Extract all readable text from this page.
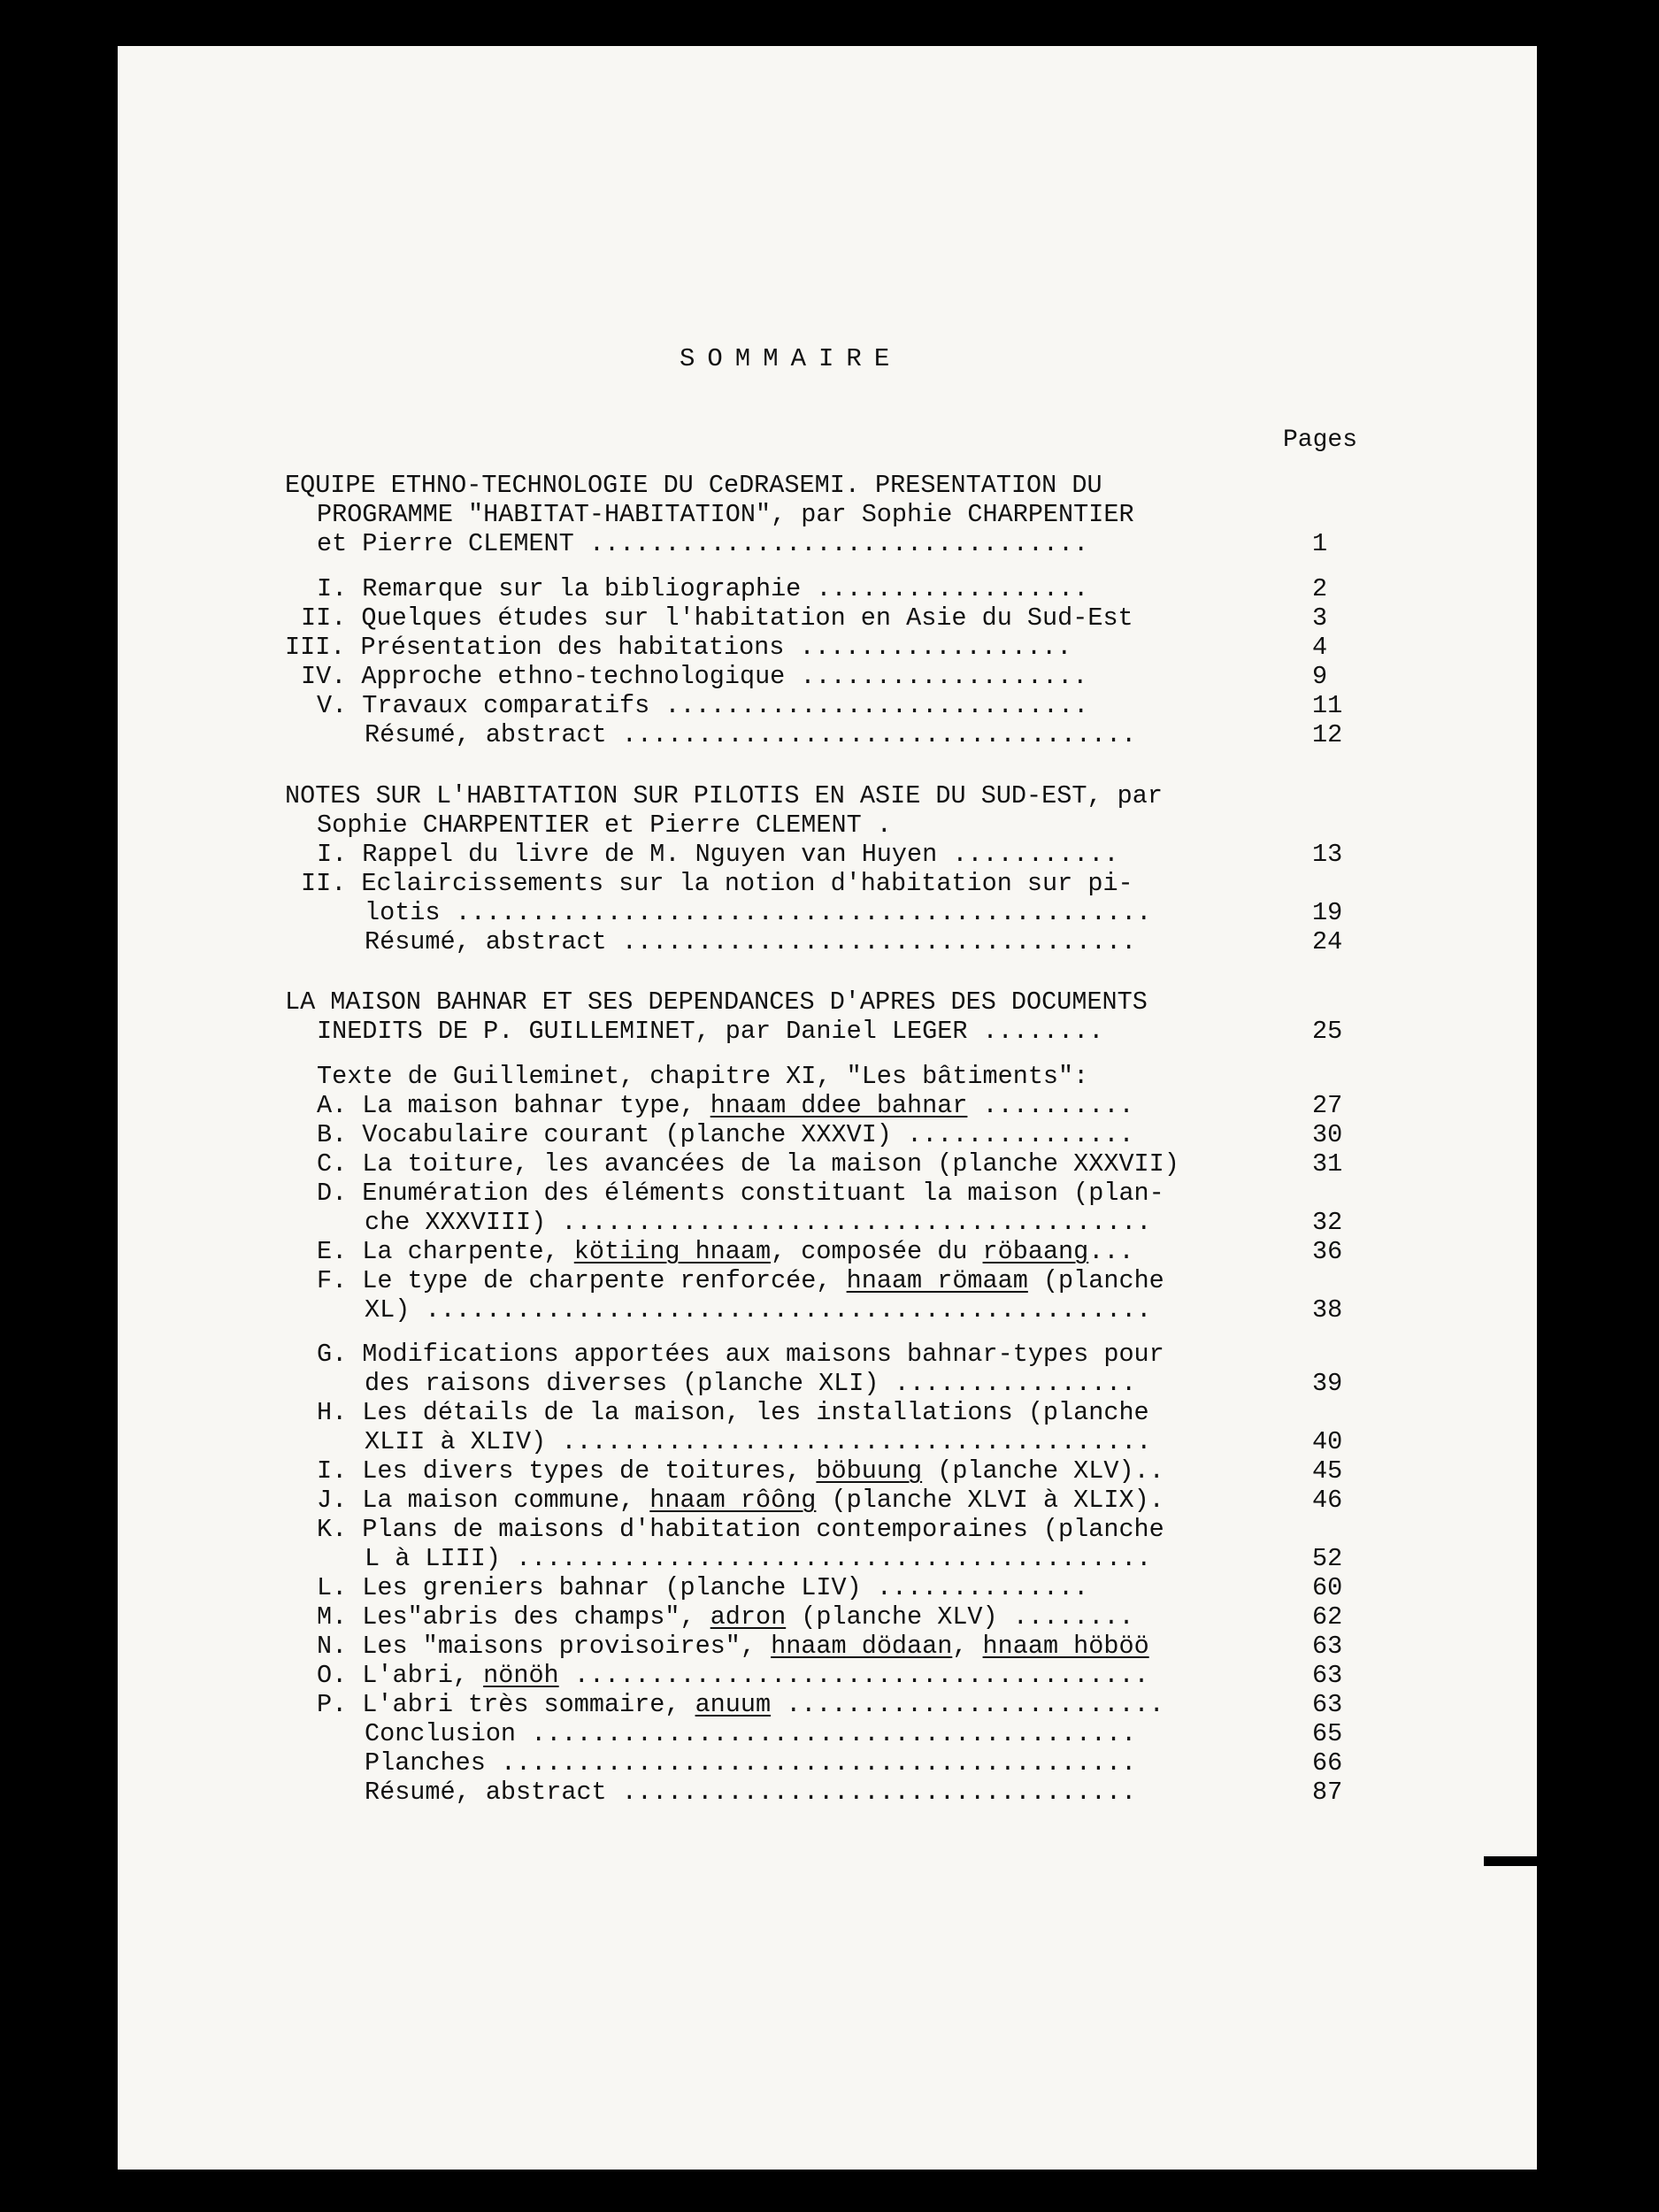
SOMMAIRE
Pages
EQUIPE ETHNO-TECHNOLOGIE DU CeDRASEMI. PRESENTATION DU
PROGRAMME "HABITAT-HABITATION", par Sophie CHARPENTIER
et Pierre CLEMENT .................................	1
I. Remarque sur la bibliographie ..................	2
II. Quelques études sur l'habitation en Asie du Sud-Est	3
III. Présentation des habitations ..................	4
IV. Approche ethno-technologique ...................	9
V. Travaux comparatifs ............................	11
Résumé, abstract ..................................	12
NOTES SUR L'HABITATION SUR PILOTIS EN ASIE DU SUD-EST, par
Sophie CHARPENTIER et Pierre CLEMENT .
I. Rappel du livre de M. Nguyen van Huyen ...........	13
II. Eclaircissements sur la notion d'habitation sur pi-
lotis ..............................................	19
Résumé, abstract ..................................	24
LA MAISON BAHNAR ET SES DEPENDANCES D'APRES DES DOCUMENTS
INEDITS DE P. GUILLEMINET, par Daniel LEGER ........	25
Texte de Guilleminet, chapitre XI, "Les bâtiments":
A. La maison bahnar type, hnaam ddee bahnar ..........	27
B. Vocabulaire courant (planche XXXVI) ...............	30
C. La toiture, les avancées de la maison (planche XXXVII)	31
D. Enumération des éléments constituant la maison (plan-
che XXXVIII) .......................................	32
E. La charpente, kötiing hnaam, composée du röbaang...	36
F. Le type de charpente renforcée, hnaam römaam (planche
XL) ................................................	38
G. Modifications apportées aux maisons bahnar-types pour
des raisons diverses (planche XLI) ................	39
H. Les détails de la maison, les installations (planche
XLII à XLIV) .......................................	40
I. Les divers types de toitures, böbuung (planche XLV)..	45
J. La maison commune, hnaam rôông (planche XLVI à XLIX).	46
K. Plans de maisons d'habitation contemporaines (planche
L à LIII) ..........................................	52
L. Les greniers bahnar (planche LIV) ..............	60
M. Les"abris des champs", adron (planche XLV) ........	62
N. Les "maisons provisoires", hnaam dödaan, hnaam höböö	63
O. L'abri, nönöh ......................................	63
P. L'abri très sommaire, anuum .........................	63
Conclusion ........................................	65
Planches ..........................................	66
Résumé, abstract ..................................	87
